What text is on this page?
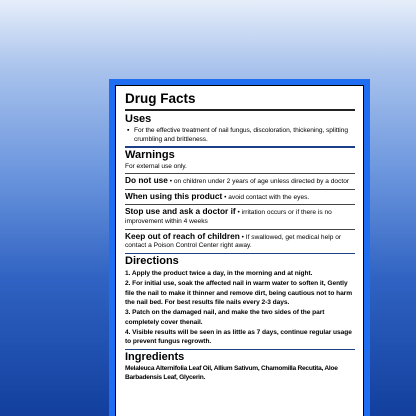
Drug Facts
Uses
▪ For the effective treatment of nail fungus, discoloration, thickening, splitting crumbling and brittleness.
Warnings
For external use only.
Do not use • on children under 2 years of age unless directed by a doctor
When using this product • avoid contact with the eyes.
Stop use and ask a doctor if • irritation occurs or if there is no improvement within 4 weeks
Keep out of reach of children • If swallowed, get medical help or contact a Poison Control Center right away.
Directions
1. Apply the product twice a day, in the morning and at night.
2. For initial use, soak the affected nail in warm water to soften it, Gently file the nail to make it thinner and remove dirt, being cautious not to harm the nail bed. For best results file nails every 2-3 days.
3. Patch on the damaged nail, and make the two sides of the part completely cover thenail.
4. Visible results will be seen in as little as 7 days, continue regular usage to prevent fungus regrowth.
Ingredients
Melaleuca Alternifolia Leaf Oil, Allium Sativum, Chamomilla Recutita, Aloe Barbadensis Leaf, Glycerin.
